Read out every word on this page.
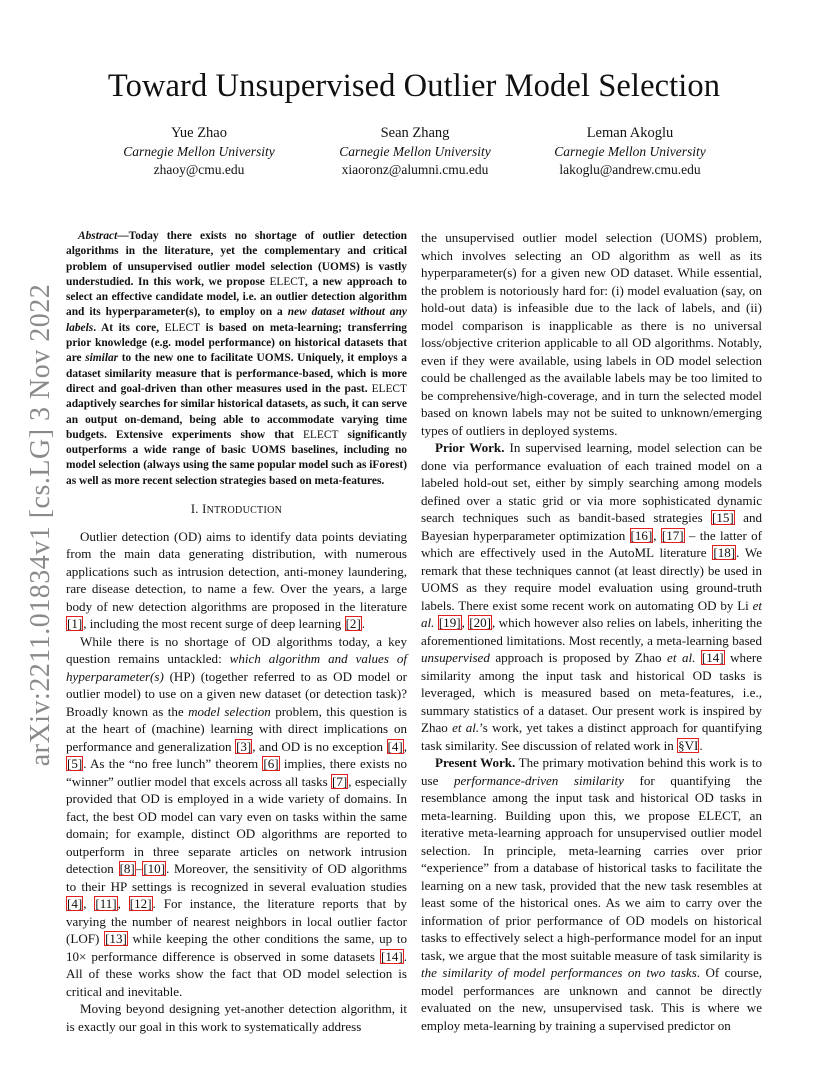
Toward Unsupervised Outlier Model Selection
Yue Zhao
Carnegie Mellon University
zhaoy@cmu.edu
Sean Zhang
Carnegie Mellon University
xiaoronz@alumni.cmu.edu
Leman Akoglu
Carnegie Mellon University
lakoglu@andrew.cmu.edu
arXiv:2211.01834v1 [cs.LG] 3 Nov 2022

Abstract—Today there exists no shortage of outlier detection algorithms in the literature, yet the complementary and critical problem of unsupervised outlier model selection (UOMS) is vastly understudied. In this work, we propose ELECT, a new approach to select an effective candidate model, i.e. an outlier detection algorithm and its hyperparameter(s), to employ on a new dataset without any labels. At its core, ELECT is based on meta-learning; transferring prior knowledge (e.g. model performance) on historical datasets that are similar to the new one to facilitate UOMS. Uniquely, it employs a dataset similarity measure that is performance-based, which is more direct and goal-driven than other measures used in the past. ELECT adaptively searches for similar historical datasets, as such, it can serve an output on-demand, being able to accommodate varying time budgets. Extensive experiments show that ELECT significantly outperforms a wide range of basic UOMS baselines, including no model selection (always using the same popular model such as iForest) as well as more recent selection strategies based on meta-features.

I. INTRODUCTION

Outlier detection (OD) aims to identify data points deviating from the main data generating distribution, with numerous applications such as intrusion detection, anti-money laundering, rare disease detection, to name a few. Over the years, a large body of new detection algorithms are proposed in the literature [1], including the most recent surge of deep learning [2].

While there is no shortage of OD algorithms today, a key question remains untackled: which algorithm and values of hyperparameter(s) (HP) (together referred to as OD model or outlier model) to use on a given new dataset (or detection task)? Broadly known as the model selection problem, this question is at the heart of (machine) learning with direct implications on performance and generalization [3], and OD is no exception [4], [5]. As the “no free lunch” theorem [6] implies, there exists no “winner” outlier model that excels across all tasks [7], especially provided that OD is employed in a wide variety of domains. In fact, the best OD model can vary even on tasks within the same domain; for example, distinct OD algorithms are reported to outperform in three separate articles on network intrusion detection [8]–[10]. Moreover, the sensitivity of OD algorithms to their HP settings is recognized in several evaluation studies [4], [11], [12]. For instance, the literature reports that by varying the number of nearest neighbors in local outlier factor (LOF) [13] while keeping the other conditions the same, up to 10× performance difference is observed in some datasets [14]. All of these works show the fact that OD model selection is critical and inevitable.

Moving beyond designing yet-another detection algorithm, it is exactly our goal in this work to systematically address

the unsupervised outlier model selection (UOMS) problem, which involves selecting an OD algorithm as well as its hyperparameter(s) for a given new OD dataset. While essential, the problem is notoriously hard for: (i) model evaluation (say, on hold-out data) is infeasible due to the lack of labels, and (ii) model comparison is inapplicable as there is no universal loss/objective criterion applicable to all OD algorithms. Notably, even if they were available, using labels in OD model selection could be challenged as the available labels may be too limited to be comprehensive/high-coverage, and in turn the selected model based on known labels may not be suited to unknown/emerging types of outliers in deployed systems.

Prior Work. In supervised learning, model selection can be done via performance evaluation of each trained model on a labeled hold-out set, either by simply searching among models defined over a static grid or via more sophisticated dynamic search techniques such as bandit-based strategies [15] and Bayesian hyperparameter optimization [16], [17] – the latter of which are effectively used in the AutoML literature [18]. We remark that these techniques cannot (at least directly) be used in UOMS as they require model evaluation using ground-truth labels. There exist some recent work on automating OD by Li et al. [19], [20], which however also relies on labels, inheriting the aforementioned limitations. Most recently, a meta-learning based unsupervised approach is proposed by Zhao et al. [14] where similarity among the input task and historical OD tasks is leveraged, which is measured based on meta-features, i.e., summary statistics of a dataset. Our present work is inspired by Zhao et al.’s work, yet takes a distinct approach for quantifying task similarity. See discussion of related work in §VI.

Present Work. The primary motivation behind this work is to use performance-driven similarity for quantifying the resemblance among the input task and historical OD tasks in meta-learning. Building upon this, we propose ELECT, an iterative meta-learning approach for unsupervised outlier model selection. In principle, meta-learning carries over prior “experience” from a database of historical tasks to facilitate the learning on a new task, provided that the new task resembles at least some of the historical ones. As we aim to carry over the information of prior performance of OD models on historical tasks to effectively select a high-performance model for an input task, we argue that the most suitable measure of task similarity is the similarity of model performances on two tasks. Of course, model performances are unknown and cannot be directly evaluated on the new, unsupervised task. This is where we employ meta-learning by training a supervised predictor on
